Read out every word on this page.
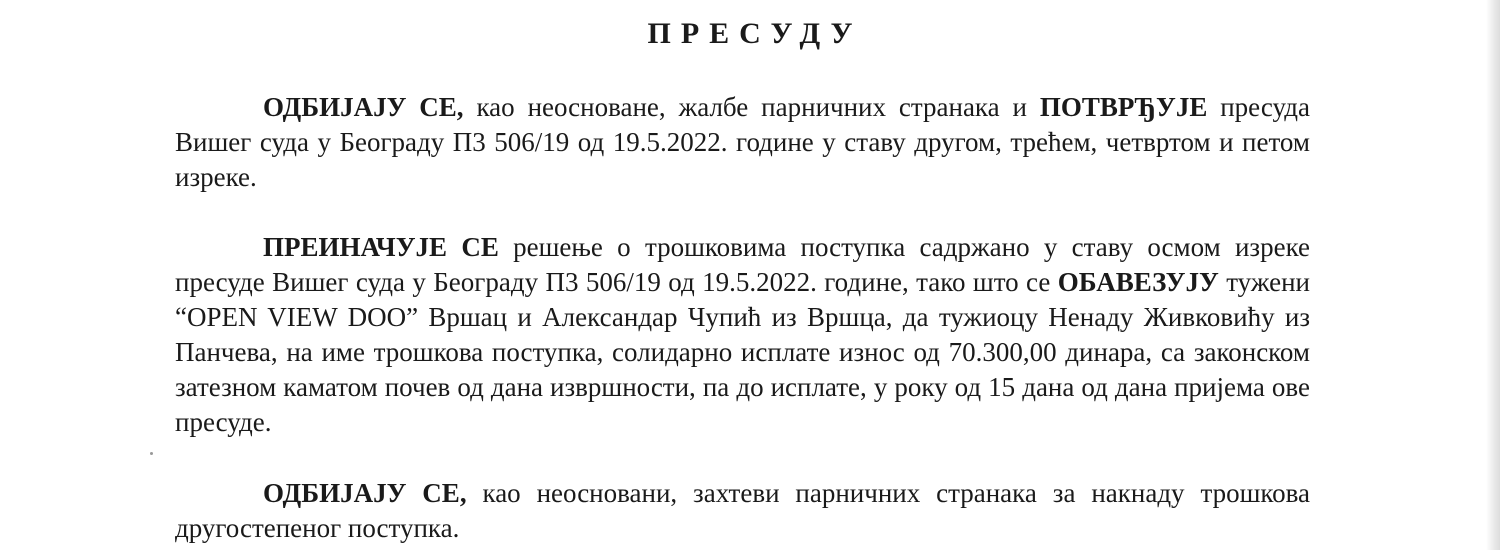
ПРЕСУДУ
ОДБИЈАЈУ СЕ, као неосноване, жалбе парничних странака и ПОТВРЂУЈЕ пресуда Вишег суда у Београду П3 506/19 од 19.5.2022. године у ставу другом, трећем, четвртом и петом изреке.
ПРЕИНАЧУЈЕ СЕ решење о трошковима поступка садржано у ставу осмом изреке пресуде Вишег суда у Београду П3 506/19 од 19.5.2022. године, тако што се ОБАВЕЗУЈУ тужени “OPEN VIEW DOO” Вршац и Александар Чупић из Вршца, да тужиоцу Ненаду Живковићу из Панчева, на име трошкова поступка, солидарно исплате износ од 70.300,00 динара, са законском затезном каматом почев од дана извршности, па до исплате, у року од 15 дана од дана пријема ове пресуде.
ОДБИЈАЈУ СЕ, као неосновани, захтеви парничних странака за накнаду трошкова другостепеног поступка.
